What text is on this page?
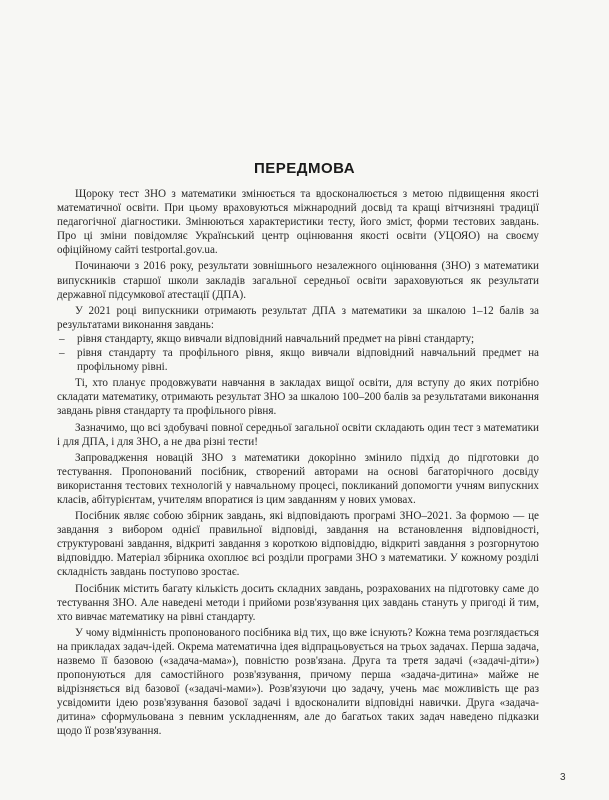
ПЕРЕДМОВА

Щороку тест ЗНО з математики змінюється та вдосконалюється з метою підвищення якості математичної освіти. При цьому враховуються міжнародний досвід та кращі вітчизняні традиції педагогічної діагностики. Змінюються характеристики тесту, його зміст, форми тестових завдань. Про ці зміни повідомляє Український центр оцінювання якості освіти (УЦОЯО) на своєму офіційному сайті testportal.gov.ua.

Починаючи з 2016 року, результати зовнішнього незалежного оцінювання (ЗНО) з математики випускників старшої школи закладів загальної середньої освіти зараховуються як результати державної підсумкової атестації (ДПА).

У 2021 році випускники отримають результат ДПА з математики за шкалою 1–12 балів за результатами виконання завдань:

– рівня стандарту, якщо вивчали відповідний навчальний предмет на рівні стандарту;
– рівня стандарту та профільного рівня, якщо вивчали відповідний навчальний предмет на профільному рівні.

Ті, хто планує продовжувати навчання в закладах вищої освіти, для вступу до яких потрібно складати математику, отримають результат ЗНО за шкалою 100–200 балів за результатами виконання завдань рівня стандарту та профільного рівня.

Зазначимо, що всі здобувачі повної середньої загальної освіти складають один тест з математики і для ДПА, і для ЗНО, а не два різні тести!

Запровадження новацій ЗНО з математики докорінно змінило підхід до підготовки до тестування. Пропонований посібник, створений авторами на основі багаторічного досвіду використання тестових технологій у навчальному процесі, покликаний допомогти учням випускних класів, абітурієнтам, учителям впоратися із цим завданням у нових умовах.

Посібник являє собою збірник завдань, які відповідають програмі ЗНО–2021. За формою — це завдання з вибором однієї правильної відповіді, завдання на встановлення відповідності, структуровані завдання, відкриті завдання з короткою відповіддю, відкриті завдання з розгорнутою відповіддю. Матеріал збірника охоплює всі розділи програми ЗНО з математики. У кожному розділі складність завдань поступово зростає.

Посібник містить багату кількість досить складних завдань, розрахованих на підготовку саме до тестування ЗНО. Але наведені методи і прийоми розв'язування цих завдань стануть у пригоді й тим, хто вивчає математику на рівні стандарту.

У чому відмінність пропонованого посібника від тих, що вже існують? Кожна тема розглядається на прикладах задач-ідей. Окрема математична ідея відпрацьовується на трьох задачах. Перша задача, назвемо її базовою («задача-мама»), повністю розв'язана. Друга та третя задачі («задачі-діти») пропонуються для самостійного розв'язування, причому перша «задача-дитина» майже не відрізняється від базової («задачі-мами»). Розв'язуючи цю задачу, учень має можливість ще раз усвідомити ідею розв'язування базової задачі і вдосконалити відповідні навички. Друга «задача-дитина» сформульована з певним ускладненням, але до багатьох таких задач наведено підказки щодо її розв'язування.

3
